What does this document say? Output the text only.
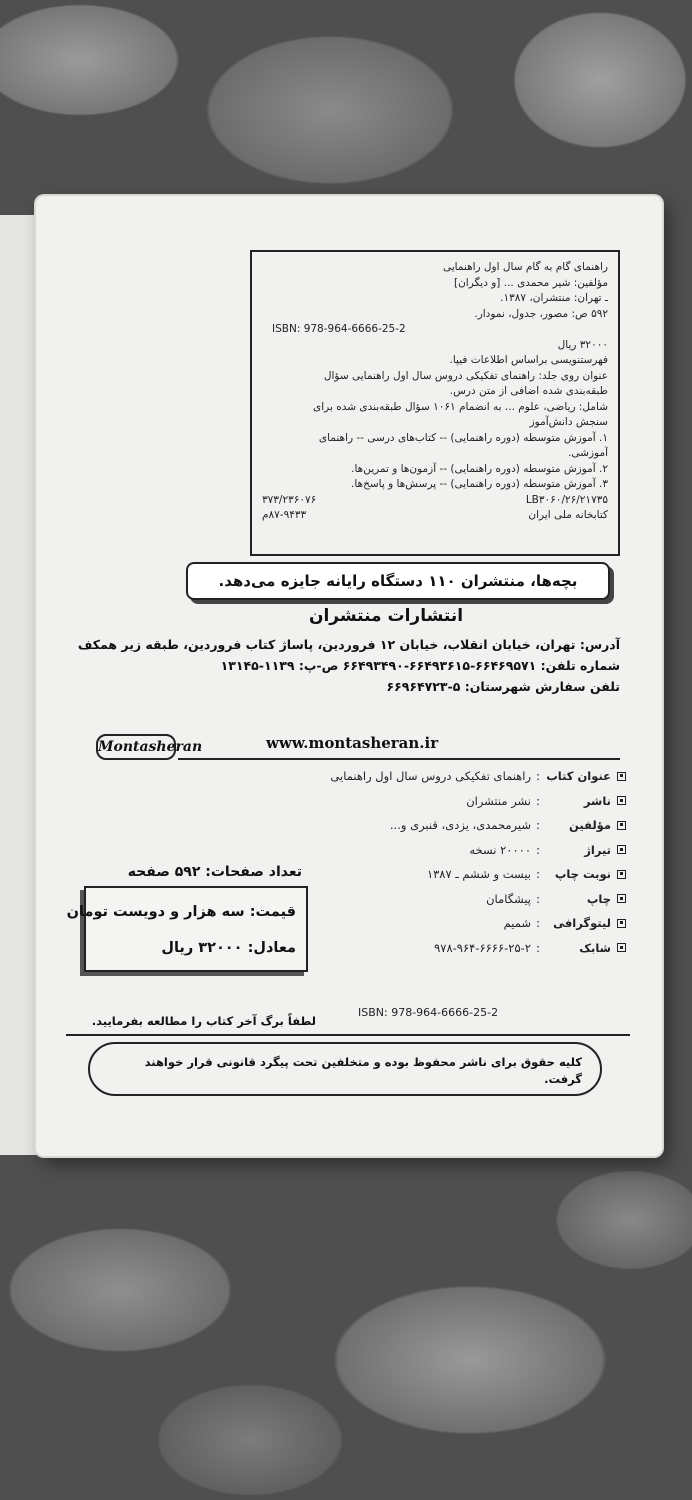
راهنمای گام به گام سال اول راهنمایی
مؤلفین: شیر محمدی ... [و دیگران]
ـ تهران: منتشران، ۱۳۸۷.
۵۹۲ ص: مصور، جدول، نمودار.
ISBN: 978-964-6666-25-2
۳۲۰۰۰ ریال
فهرستنویسی براساس اطلاعات فیپا.
عنوان روی جلد: راهنمای تفکیکی دروس سال اول راهنمایی سؤال
طبقه‌بندی شده اضافی از متن درس.
شامل: ریاضی، علوم ... به انضمام ۱۰۶۱ سؤال طبقه‌بندی شده برای
سنجش دانش‌آموز
۱. آموزش متوسطه (دوره راهنمایی) -- کتاب‌های درسی -- راهنمای
آموزشی.
۲. آموزش متوسطه (دوره راهنمایی) -- آزمون‌ها و تمرین‌ها.
۳. آموزش متوسطه (دوره راهنمایی) -- پرسش‌ها و پاسخ‌ها.
LB۳۰۶۰/۲۶/۲۱۷۳۵
۳۷۳/۲۳۶۰۷۶
کتابخانه ملی ایران
۸۷-۹۴۳۳م
بچه‌ها، منتشران ۱۱۰ دستگاه رایانه جایزه می‌دهد.
انتشارات منتشران
آدرس: تهران، خیابان انقلاب، خیابان ۱۲ فروردین، پاساژ کتاب فروردین، طبقه زیر همکف
شماره تلفن: ۶۶۴۶۹۵۷۱-۶۶۴۹۳۶۱۵-۶۶۴۹۳۴۹۰ ص-پ: ۱۱۳۹-۱۳۱۴۵
تلفن سفارش شهرستان: ۵-۶۶۹۶۴۷۲۳
Montasheran	www.montasheran.ir
عنوان کتاب
:
راهنمای تفکیکی دروس سال اول راهنمایی
ناشر
:
نشر منتشران
مؤلفین
:
شیرمحمدی، یزدی، قنبری و...
تیراژ
:
۲۰۰۰۰ نسخه
نوبت چاپ
:
بیست و ششم ـ ۱۳۸۷
چاپ
:
پیشگامان
لیتوگرافی
:
شمیم
شابک
:
۹۷۸-۹۶۴-۶۶۶۶-۲۵-۲
تعداد صفحات: ۵۹۲ صفحه
قیمت: سه هزار و دویست تومان
معادل: ۳۲۰۰۰ ریال
ISBN: 978-964-6666-25-2
لطفاً برگ آخر کتاب را مطالعه بفرمایید.
کلیه حقوق برای ناشر محفوظ بوده و متخلفین تحت پیگرد قانونی قرار خواهند گرفت.
